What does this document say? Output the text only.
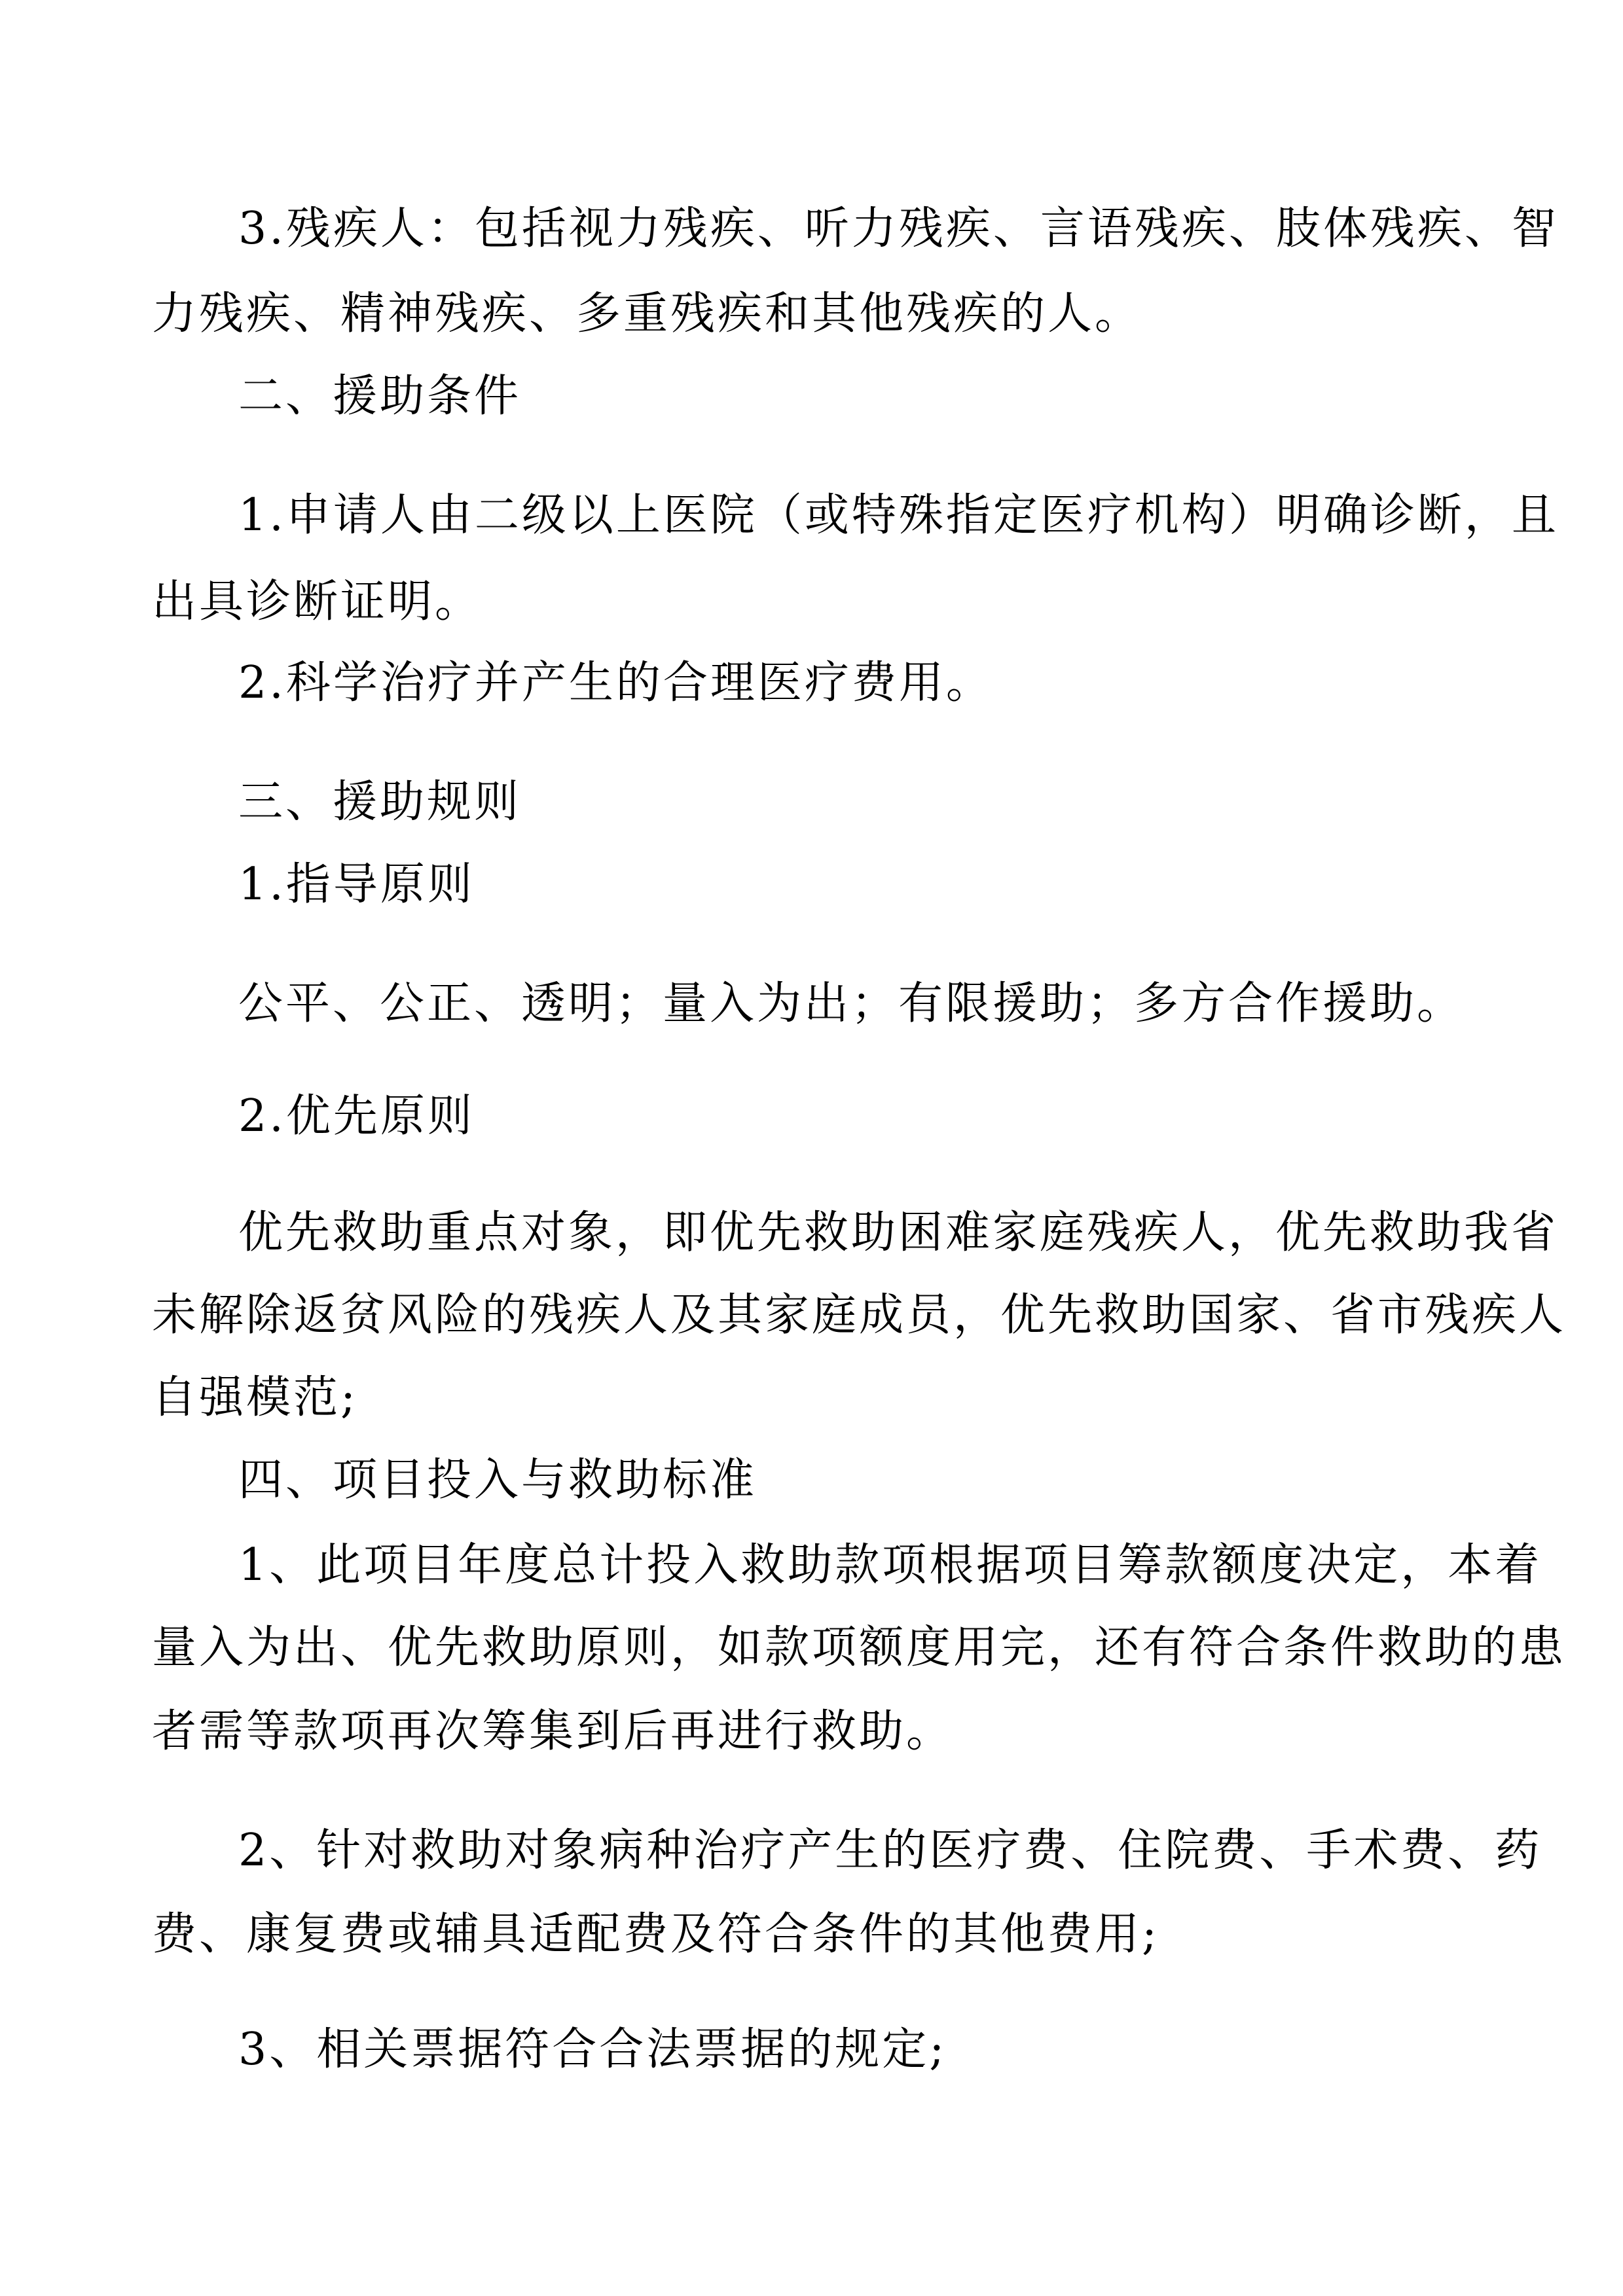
3.残疾人：包括视力残疾、听力残疾、言语残疾、肢体残疾、智
力残疾、精神残疾、多重残疾和其他残疾的人。
二、援助条件
1.申请人由二级以上医院（或特殊指定医疗机构）明确诊断，且
出具诊断证明。
2.科学治疗并产生的合理医疗费用。
三、援助规则
1.指导原则
公平、公正、透明；量入为出；有限援助；多方合作援助。
2.优先原则
优先救助重点对象，即优先救助困难家庭残疾人，优先救助我省
未解除返贫风险的残疾人及其家庭成员，优先救助国家、省市残疾人
自强模范;
四、项目投入与救助标准
1、此项目年度总计投入救助款项根据项目筹款额度决定，本着
量入为出、优先救助原则，如款项额度用完，还有符合条件救助的患
者需等款项再次筹集到后再进行救助。
2、针对救助对象病种治疗产生的医疗费、住院费、手术费、药
费、康复费或辅具适配费及符合条件的其他费用;
3、相关票据符合合法票据的规定;
